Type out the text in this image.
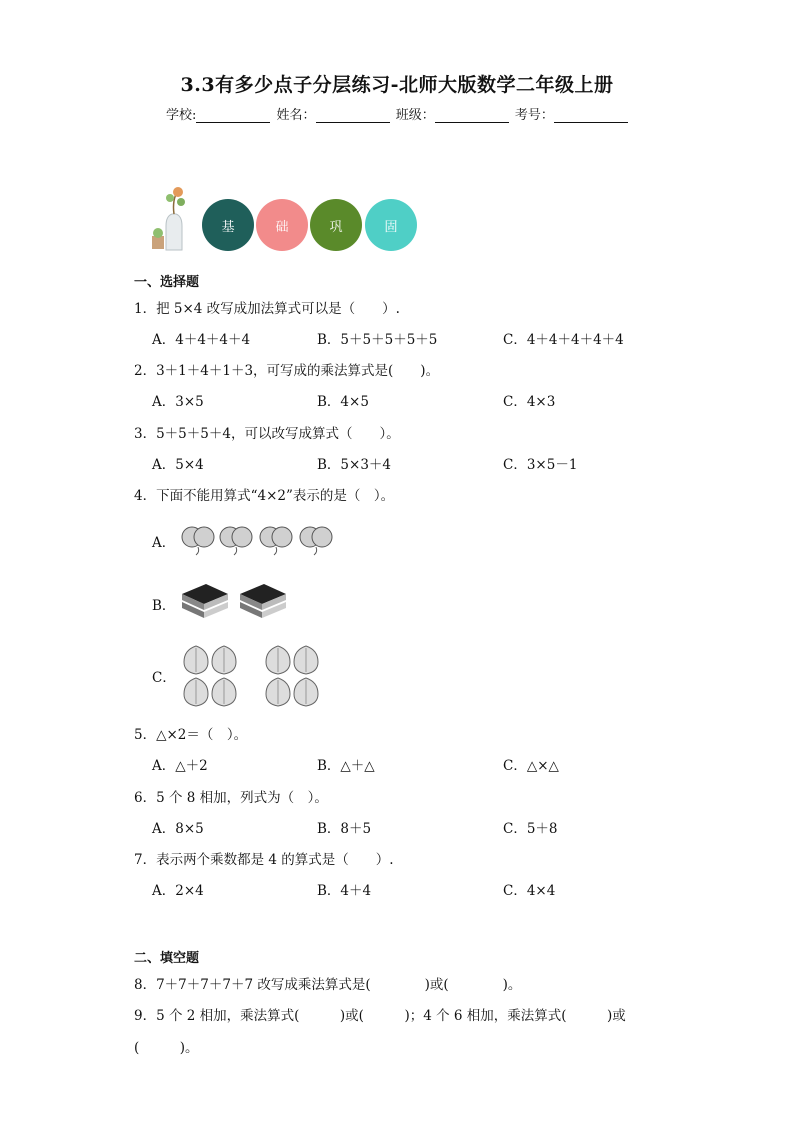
3.3有多少点子分层练习-北师大版数学二年级上册
学校:	姓名：	班级：	考号：
基	础	巩	固
一、选择题
1．把 5×4 改写成加法算式可以是（　　）.
A．4＋4＋4＋4	B．5＋5＋5＋5＋5	C．4＋4＋4＋4＋4
2．3＋1＋4＋1＋3，可写成的乘法算式是(　　)。
A．3×5	B．4×5	C．4×3
3．5＋5＋5＋4，可以改写成算式（　　）。
A．5×4	B．5×3＋4	C．3×5－1
4．下面不能用算式“4×2”表示的是（　）。
A．
B．
C．
5．△×2＝（　）。
A．△＋2	B．△＋△	C．△×△
6．5 个 8 相加，列式为（　）。
A．8×5	B．8＋5	C．5＋8
7．表示两个乘数都是 4 的算式是（　　）.
A．2×4	B．4＋4	C．4×4
二、填空题
8．7＋7＋7＋7＋7 改写成乘法算式是(　　　　)或(　　　　)。
9．5 个 2 相加，乘法算式(　　　)或(　　　)；4 个 6 相加，乘法算式(　　　)或
(　　　)。
